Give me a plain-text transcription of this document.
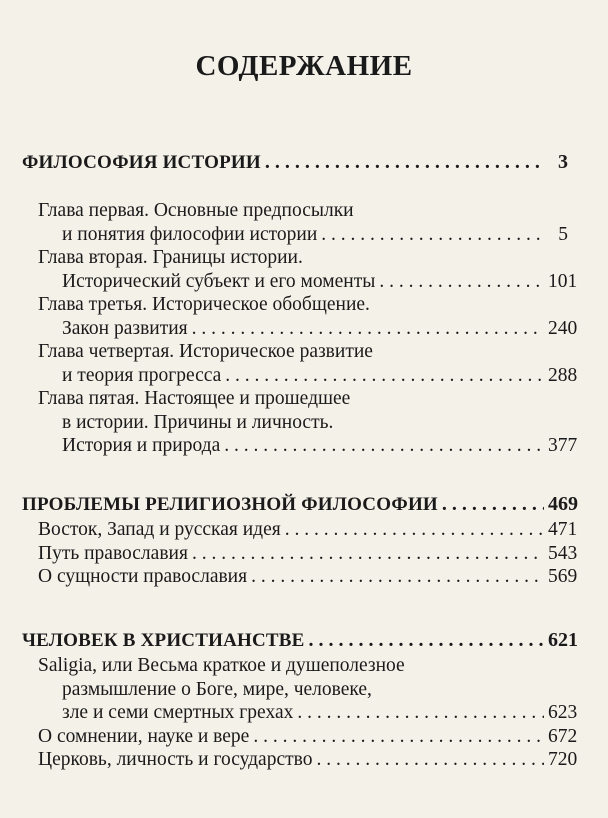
СОДЕРЖАНИЕ
ФИЛОСОФИЯ ИСТОРИИ . . .	3
Глава первая. Основные предпосылки
и понятия философии истории . . .	5
Глава вторая. Границы истории.
Исторический субъект и его моменты . . .	101
Глава третья. Историческое обобщение.
Закон развития . . .	240
Глава четвертая. Историческое развитие
и теория прогресса . . .	288
Глава пятая. Настоящее и прошедшее
в истории. Причины и личность.
История и природа . . .	377
ПРОБЛЕМЫ РЕЛИГИОЗНОЙ ФИЛОСОФИИ . . .	469
Восток, Запад и русская идея . . .	471
Путь православия . . .	543
О сущности православия . . .	569
ЧЕЛОВЕК В ХРИСТИАНСТВЕ . . .	621
Saligia, или Весьма краткое и душеполезное
размышление о Боге, мире, человеке,
зле и семи смертных грехах . . .	623
О сомнении, науке и вере . . .	672
Церковь, личность и государство . . .	720
